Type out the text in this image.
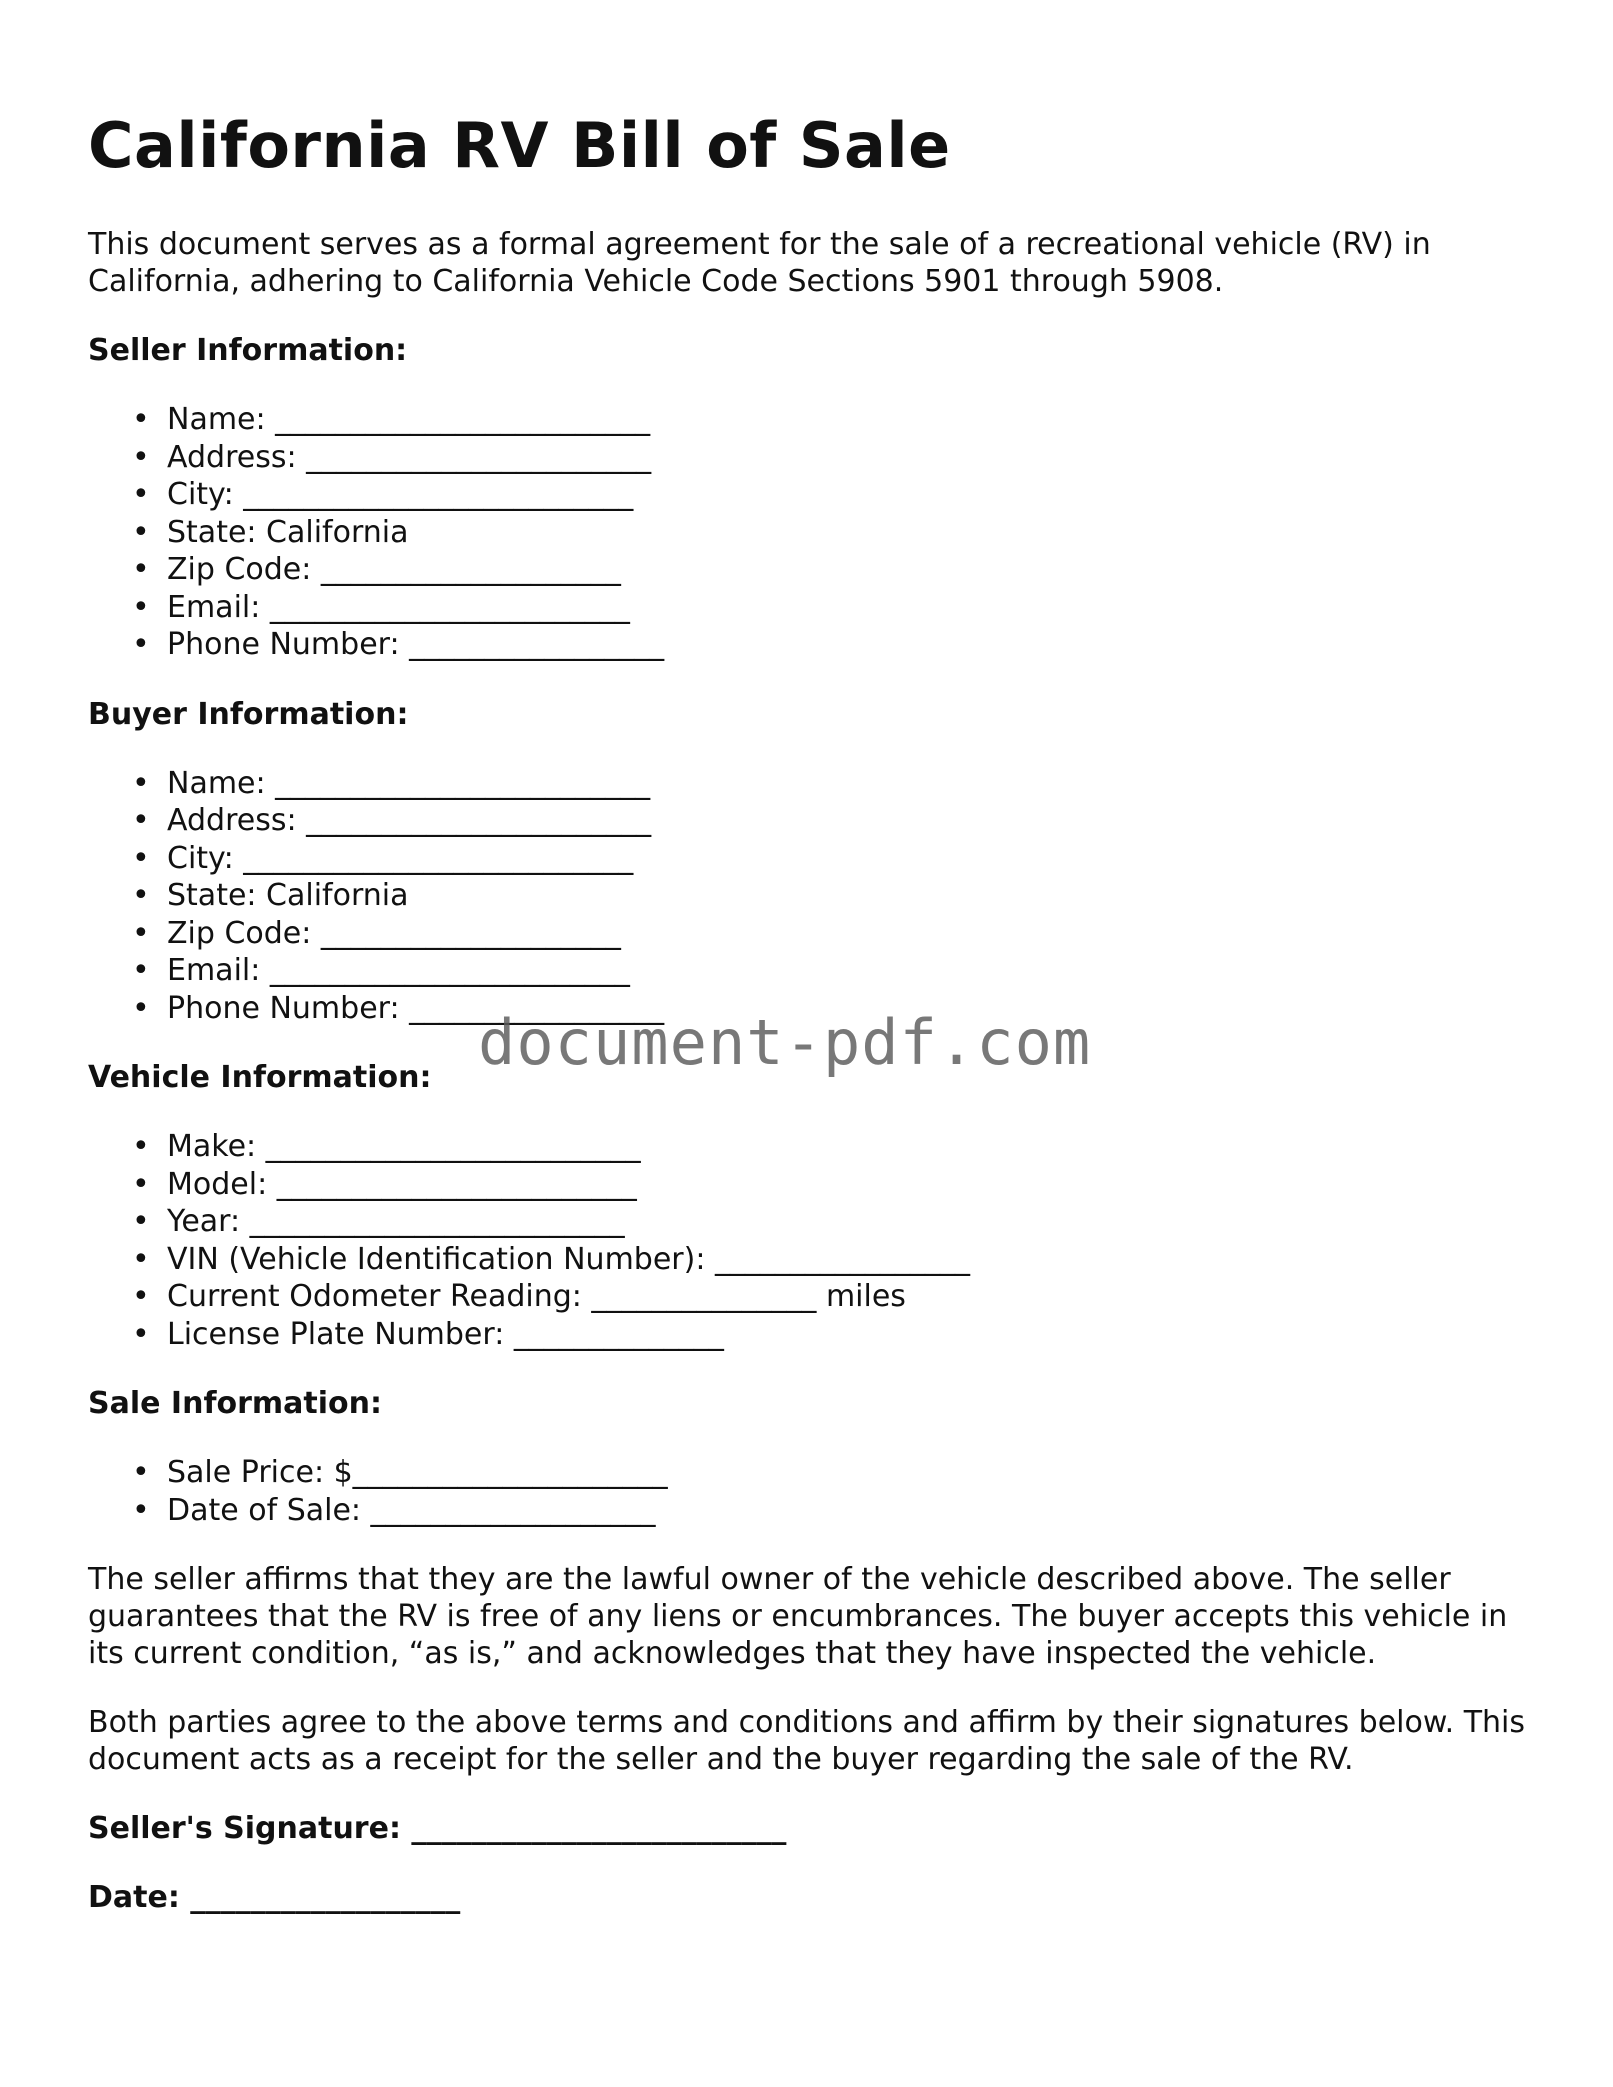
California RV Bill of Sale

This document serves as a formal agreement for the sale of a recreational vehicle (RV) in California, adhering to California Vehicle Code Sections 5901 through 5908.

Seller Information:
• Name: _________________________
• Address: _______________________
• City: __________________________
• State: California
• Zip Code: ____________________
• Email: ________________________
• Phone Number: _________________
Buyer Information:
• Name: _________________________
• Address: _______________________
• City: __________________________
• State: California
• Zip Code: ____________________
• Email: ________________________
• Phone Number: _________________
Vehicle Information:
• Make: _________________________
• Model: ________________________
• Year: _________________________
• VIN (Vehicle Identification Number): _________________
• Current Odometer Reading: _______________ miles
• License Plate Number: ______________
Sale Information:
• Sale Price: $_____________________
• Date of Sale: ___________________

The seller affirms that they are the lawful owner of the vehicle described above. The seller guarantees that the RV is free of any liens or encumbrances. The buyer accepts this vehicle in its current condition, “as is,” and acknowledges that they have inspected the vehicle.

Both parties agree to the above terms and conditions and affirm by their signatures below. This document acts as a receipt for the seller and the buyer regarding the sale of the RV.

Seller's Signature: _________________________
Date: __________________
document-pdf.com
